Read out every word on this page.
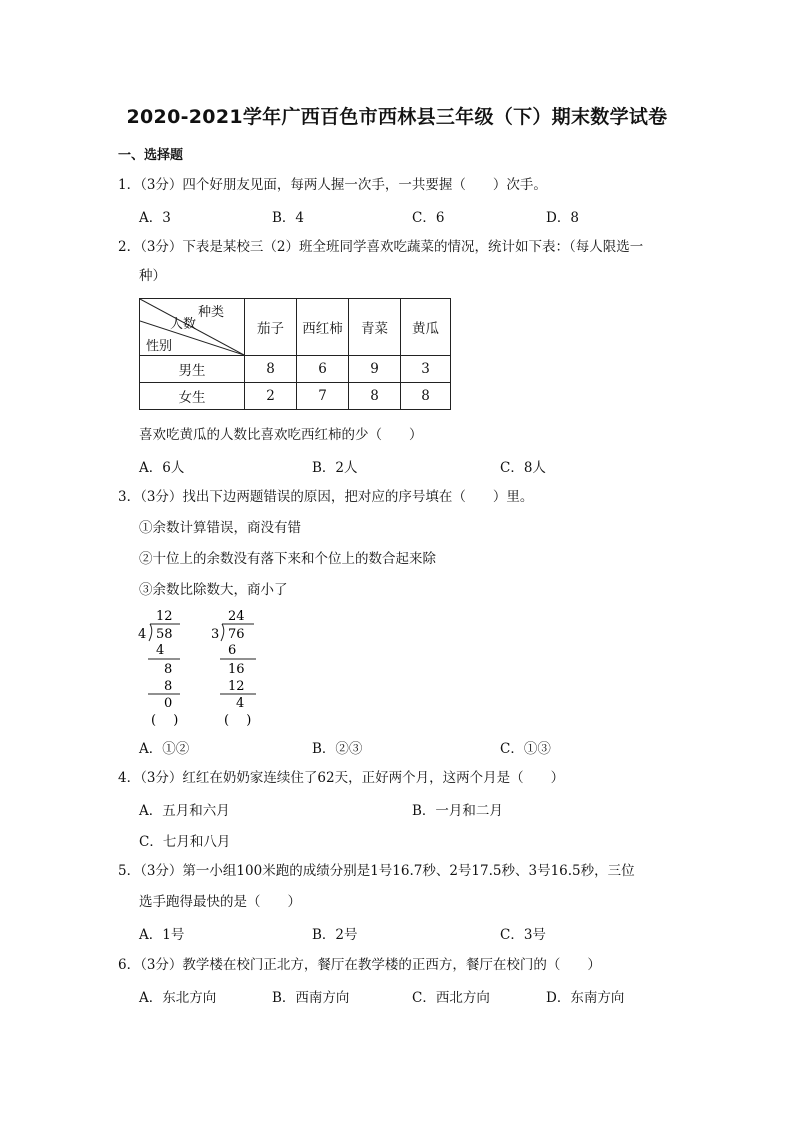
2020-2021学年广西百色市西林县三年级（下）期末数学试卷
一、选择题
1．（3分）四个好朋友见面，每两人握一次手，一共要握（　　）次手。
A．3	B．4	C．6	D．8
2．（3分）下表是某校三（2）班全班同学喜欢吃蔬菜的情况，统计如下表：（每人限选一
种）
种类
人数
性别	茄子	西红柿	青菜	黄瓜
男生	8	6	9	3
女生	2	7	8	8
喜欢吃黄瓜的人数比喜欢吃西红柿的少（　　）
A．6人	B．2人	C．8人
3．（3分）找出下边两题错误的原因，把对应的序号填在（　　）里。
①余数计算错误，商没有错
②十位上的余数没有落下来和个位上的数合起来除
③余数比除数大，商小了
12
4 58
4
8
8
0
(　 )
24
3 76
6
16
12
4
(　 )
A．①②	B．②③	C．①③
4．（3分）红红在奶奶家连续住了62天，正好两个月，这两个月是（　　）
A．五月和六月	B．一月和二月
C．七月和八月
5．（3分）第一小组100米跑的成绩分别是1号16.7秒、2号17.5秒、3号16.5秒，三位
选手跑得最快的是（　　）
A．1号	B．2号	C．3号
6．（3分）教学楼在校门正北方，餐厅在教学楼的正西方，餐厅在校门的（　　）
A．东北方向	B．西南方向	C．西北方向	D．东南方向
